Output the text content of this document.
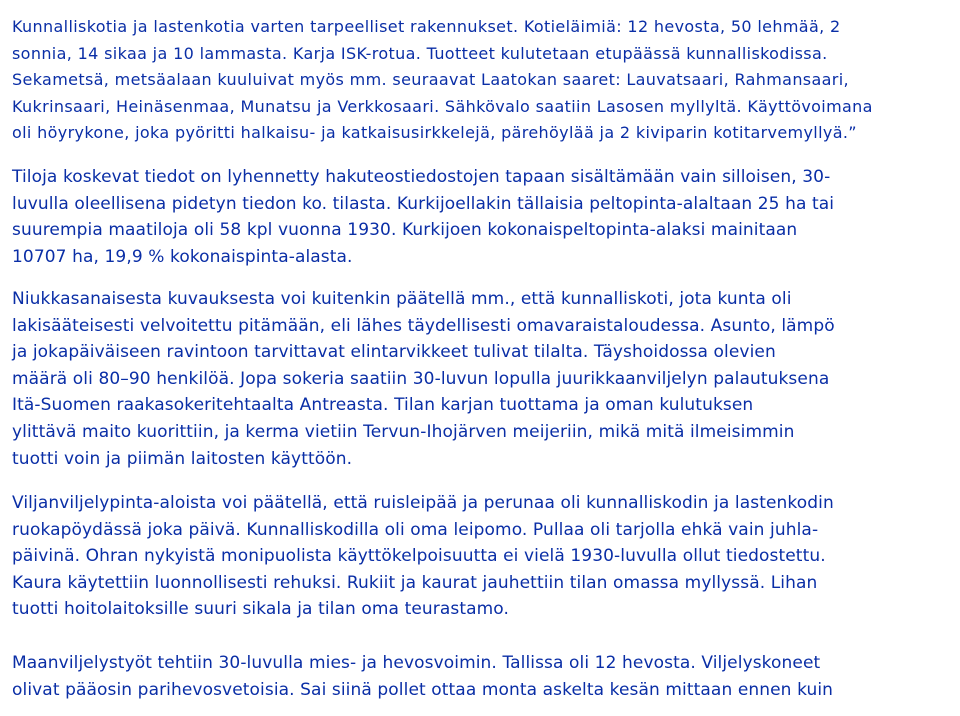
Kunnalliskotia ja lastenkotia varten tarpeelliset rakennukset. Kotieläimiä: 12 hevosta, 50 lehmää, 2
sonnia, 14 sikaa ja 10 lammasta. Karja ISK-rotua. Tuotteet kulutetaan etupäässä kunnalliskodissa.
Sekametsä, metsäalaan kuuluivat myös mm. seuraavat Laatokan saaret: Lauvatsaari, Rahmansaari,
Kukrinsaari, Heinäsenmaa, Munatsu ja Verkkosaari. Sähkövalo saatiin Lasosen myllyltä. Käyttövoimana
oli höyrykone, joka pyöritti halkaisu- ja katkaisusirkkelejä, pärehöylää ja 2 kiviparin kotitarvemyllyä.”

Tiloja koskevat tiedot on lyhennetty hakuteostiedostojen tapaan sisältämään vain silloisen, 30-
luvulla oleellisena pidetyn tiedon ko. tilasta. Kurkijoellakin tällaisia peltopinta-alaltaan 25 ha tai
suurempia maatiloja oli 58 kpl vuonna 1930. Kurkijoen kokonaispeltopinta-alaksi mainitaan
10707 ha, 19,9 % kokonaispinta-alasta.

Niukkasanaisesta kuvauksesta voi kuitenkin päätellä mm., että kunnalliskoti, jota kunta oli
lakisääteisesti velvoitettu pitämään, eli lähes täydellisesti omavaraistaloudessa. Asunto, lämpö
ja jokapäiväiseen ravintoon tarvittavat elintarvikkeet tulivat tilalta. Täyshoidossa olevien
määrä oli 80–90 henkilöä. Jopa sokeria saatiin 30-luvun lopulla juurikkaanviljelyn palautuksena
Itä-Suomen raakasokeritehtaalta Antreasta. Tilan karjan tuottama ja oman kulutuksen
ylittävä maito kuorittiin, ja kerma vietiin Tervun-Ihojärven meijeriin, mikä mitä ilmeisimmin
tuotti voin ja piimän laitosten käyttöön.

Viljanviljelypinta-aloista voi päätellä, että ruisleipää ja perunaa oli kunnalliskodin ja lastenkodin
ruokapöydässä joka päivä. Kunnalliskodilla oli oma leipomo. Pullaa oli tarjolla ehkä vain juhla-
päivinä. Ohran nykyistä monipuolista käyttökelpoisuutta ei vielä 1930-luvulla ollut tiedostettu.
Kaura käytettiin luonnollisesti rehuksi. Rukiit ja kaurat jauhettiin tilan omassa myllyssä. Lihan
tuotti hoitolaitoksille suuri sikala ja tilan oma teurastamo.

Maanviljelystyöt tehtiin 30-luvulla mies- ja hevosvoimin. Tallissa oli 12 hevosta. Viljelyskoneet
olivat pääosin parihevosvetoisia. Sai siinä pollet ottaa monta askelta kesän mittaan ennen kuin
